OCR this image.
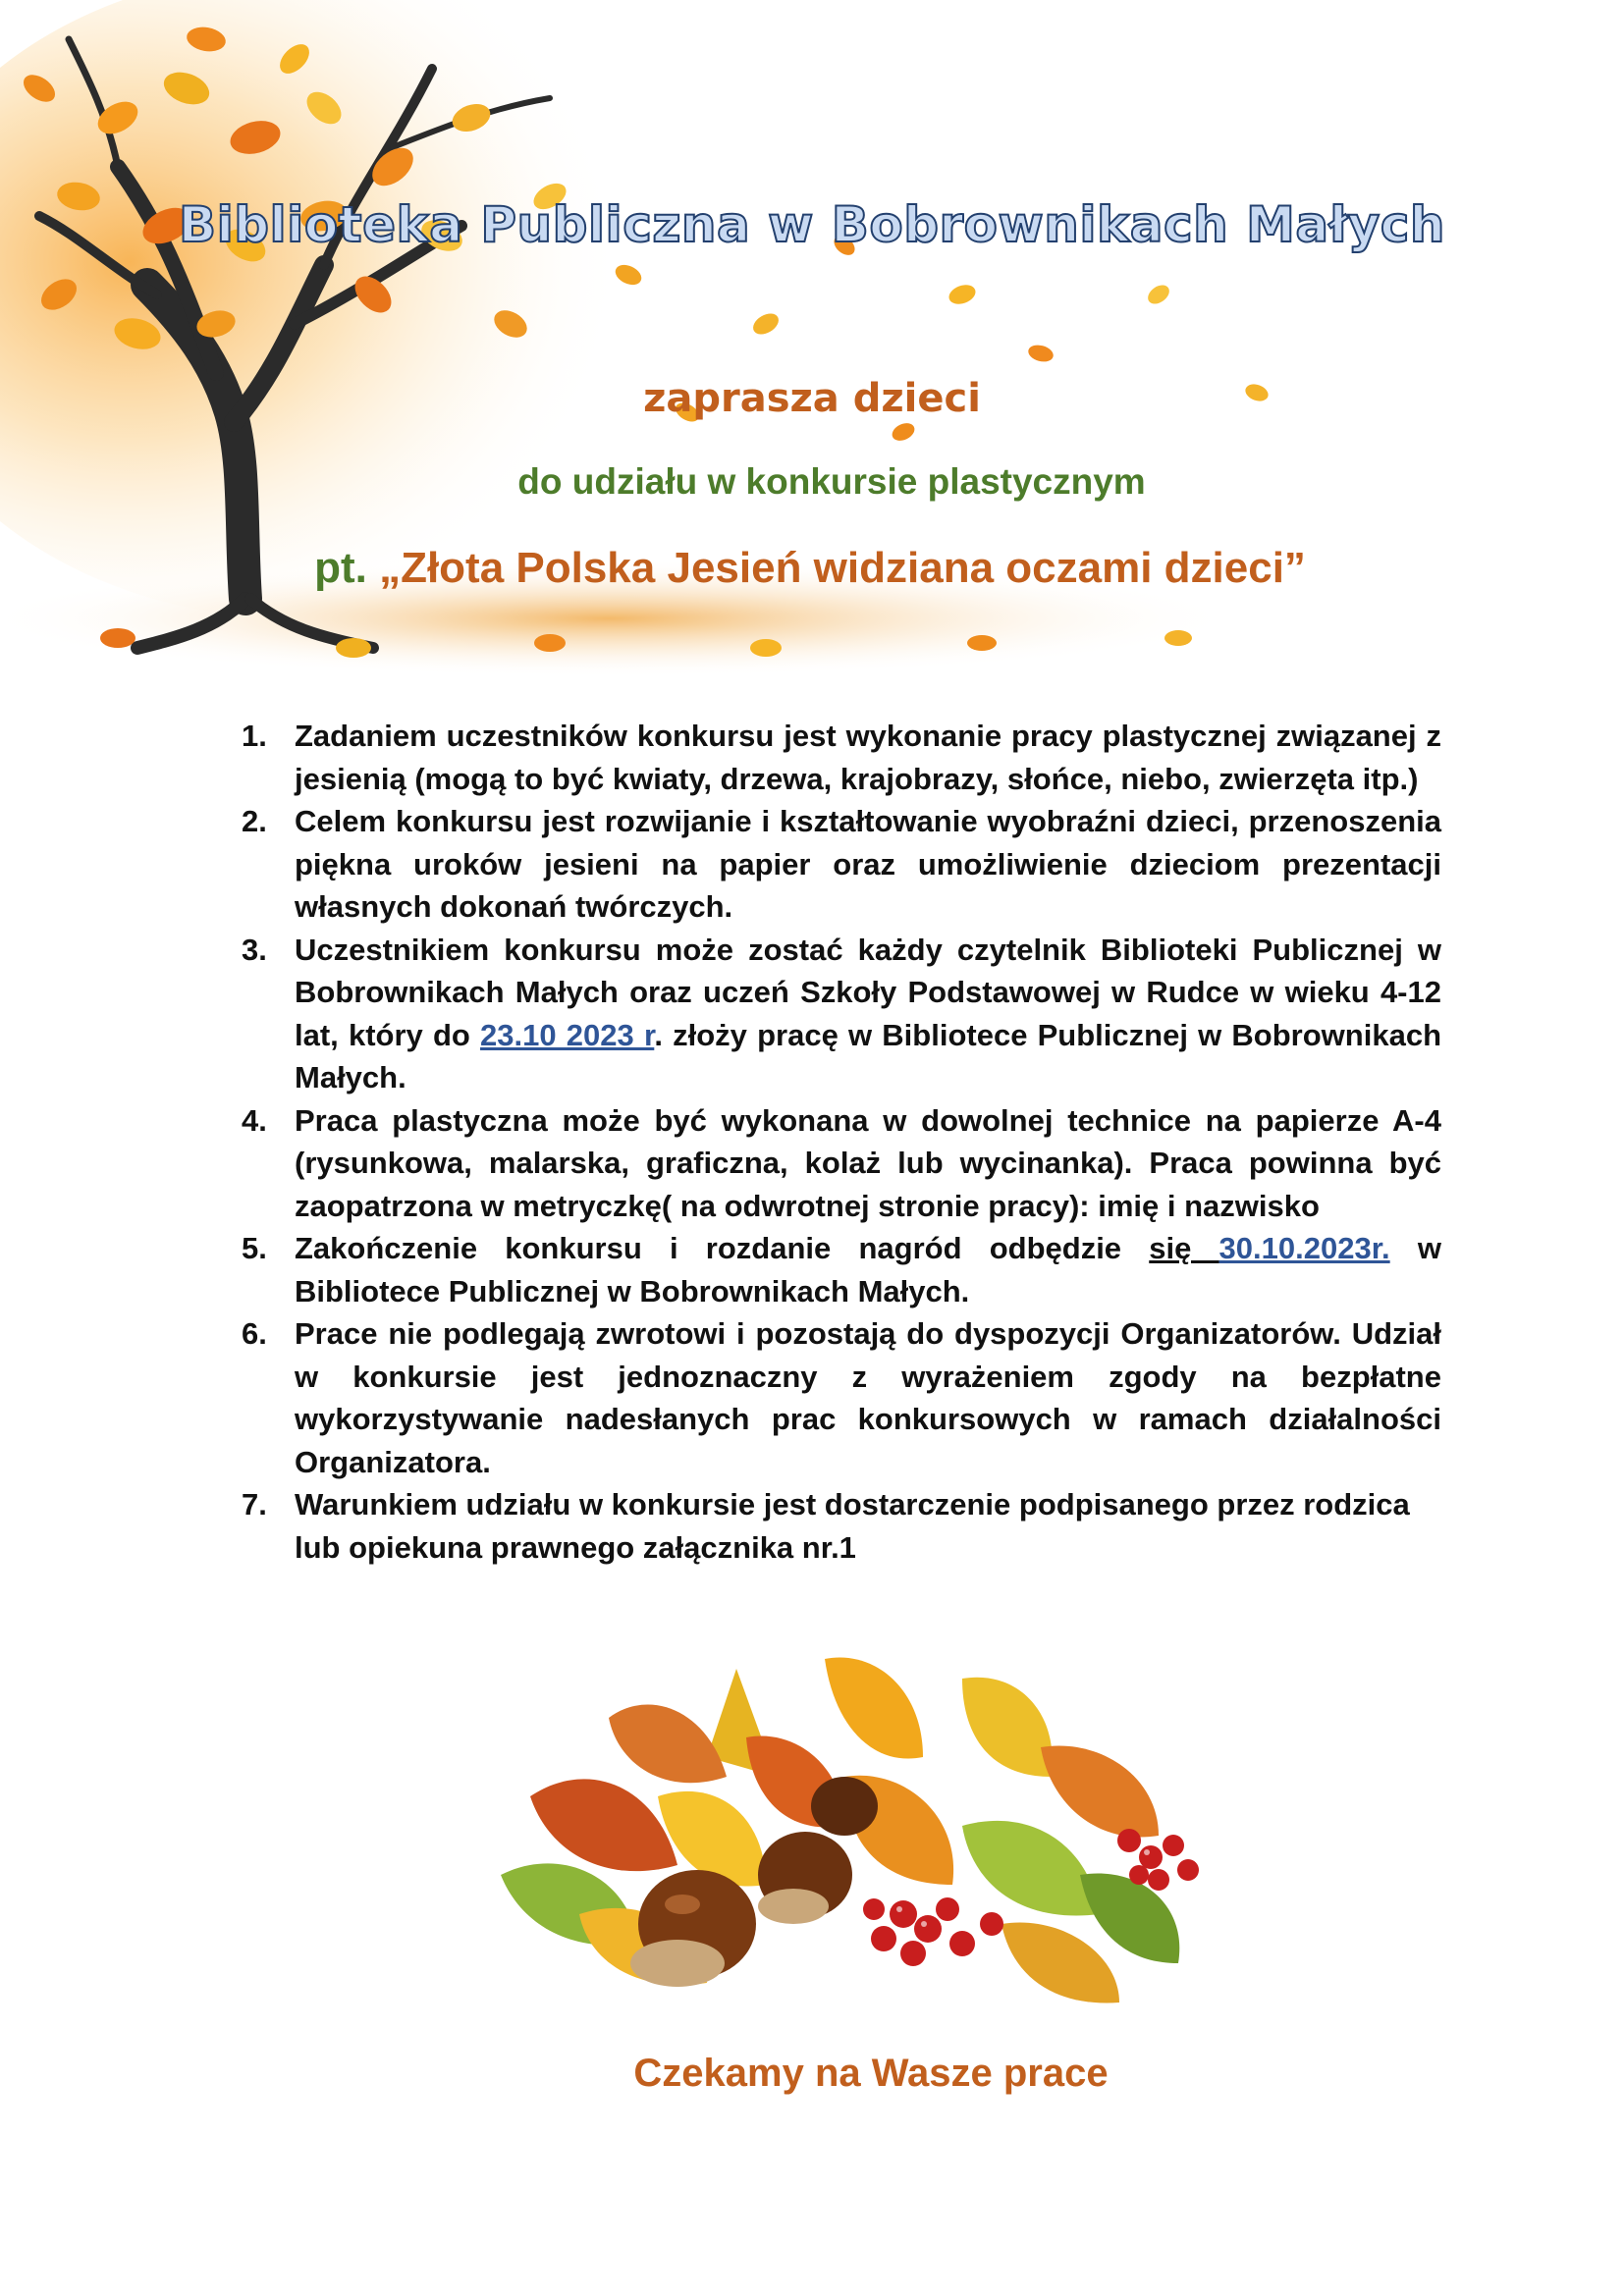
Biblioteka Publiczna w Bobrownikach Małych
zaprasza dzieci
do udziału w konkursie plastycznym
pt. „Złota Polska Jesień widziana oczami dzieci”
1. Zadaniem uczestników konkursu jest wykonanie pracy plastycznej związanej z jesienią (mogą to być kwiaty, drzewa, krajobrazy, słońce, niebo, zwierzęta itp.)
2. Celem konkursu jest rozwijanie i kształtowanie wyobraźni dzieci, przenoszenia piękna uroków jesieni na papier oraz umożliwienie dzieciom prezentacji własnych dokonań twórczych.
3. Uczestnikiem konkursu może zostać każdy czytelnik Biblioteki Publicznej w Bobrownikach Małych oraz uczeń Szkoły Podstawowej w Rudce w wieku 4-12 lat, który do 23.10 2023 r. złoży pracę w Bibliotece Publicznej w Bobrownikach Małych.
4. Praca plastyczna może być wykonana w dowolnej technice na papierze A-4 (rysunkowa, malarska, graficzna, kolaż lub wycinanka). Praca powinna być zaopatrzona w metryczkę( na odwrotnej stronie pracy): imię i nazwisko
5. Zakończenie konkursu i rozdanie nagród odbędzie się 30.10.2023r. w Bibliotece Publicznej w Bobrownikach Małych.
6. Prace nie podlegają zwrotowi i pozostają do dyspozycji Organizatorów. Udział w konkursie jest jednoznaczny z wyrażeniem zgody na bezpłatne wykorzystywanie nadesłanych prac konkursowych w ramach działalności Organizatora.
7. Warunkiem udziału w konkursie jest dostarczenie podpisanego przez rodzica lub opiekuna prawnego załącznika nr.1

Czekamy na Wasze prace
